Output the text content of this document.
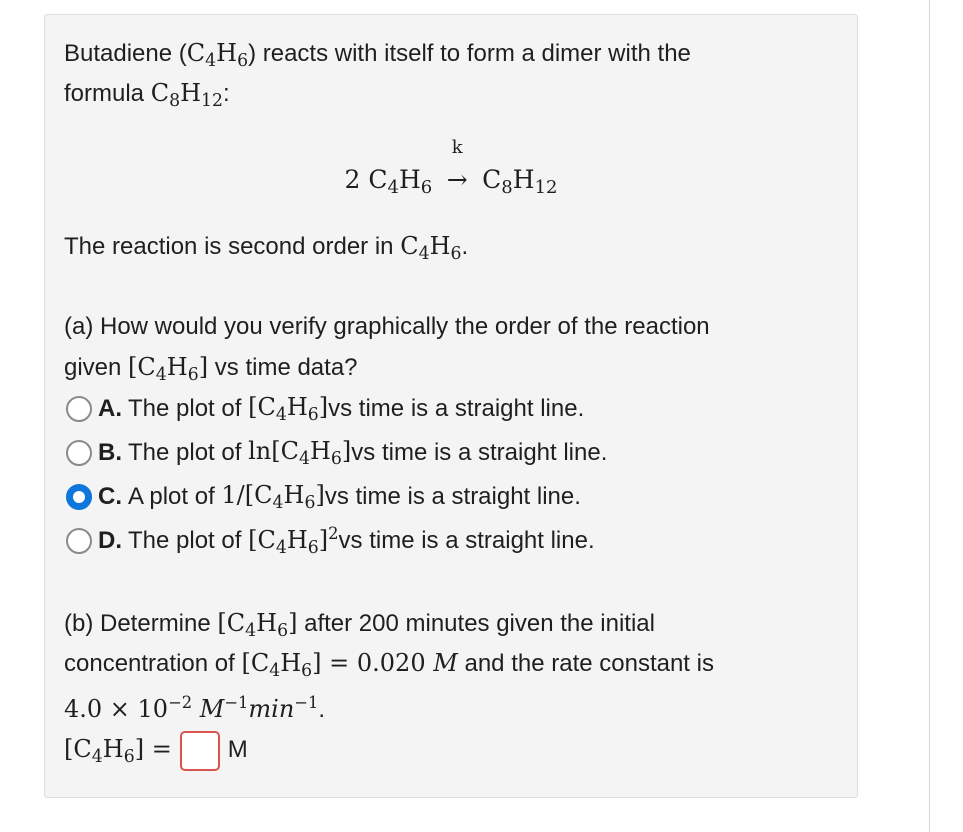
Butadiene $(C_4H_6)$ reacts with itself to form a dimer with the
formula $C_8H_{12}$:
2 $C_4H_6$
k
→ $C_8H_{12}$
The reaction is second order in $C_4H_6$.
(a) How would you verify graphically the order of the reaction
given $[C_4H_6]$ vs time data?
A. The plot of
$[C_4H_6]$ vs time is a straight line.
B. The plot of
$\ln[C_4H_6]$ vs time is a straight line.
C. A plot of
$1/[C_4H_6]$ vs time is a straight line.
D. The plot of
$[C_4H_6]^2$ vs time is a straight line.
(b) Determine $[C_4H_6]$ after 200 minutes given the initial
concentration of $[C_4H_6] = 0.020$ M and the rate constant is
$4.0 \times 10^{-2}$ $M^{-1}\min^{-1}$.
$[C_4H_6] = M$
